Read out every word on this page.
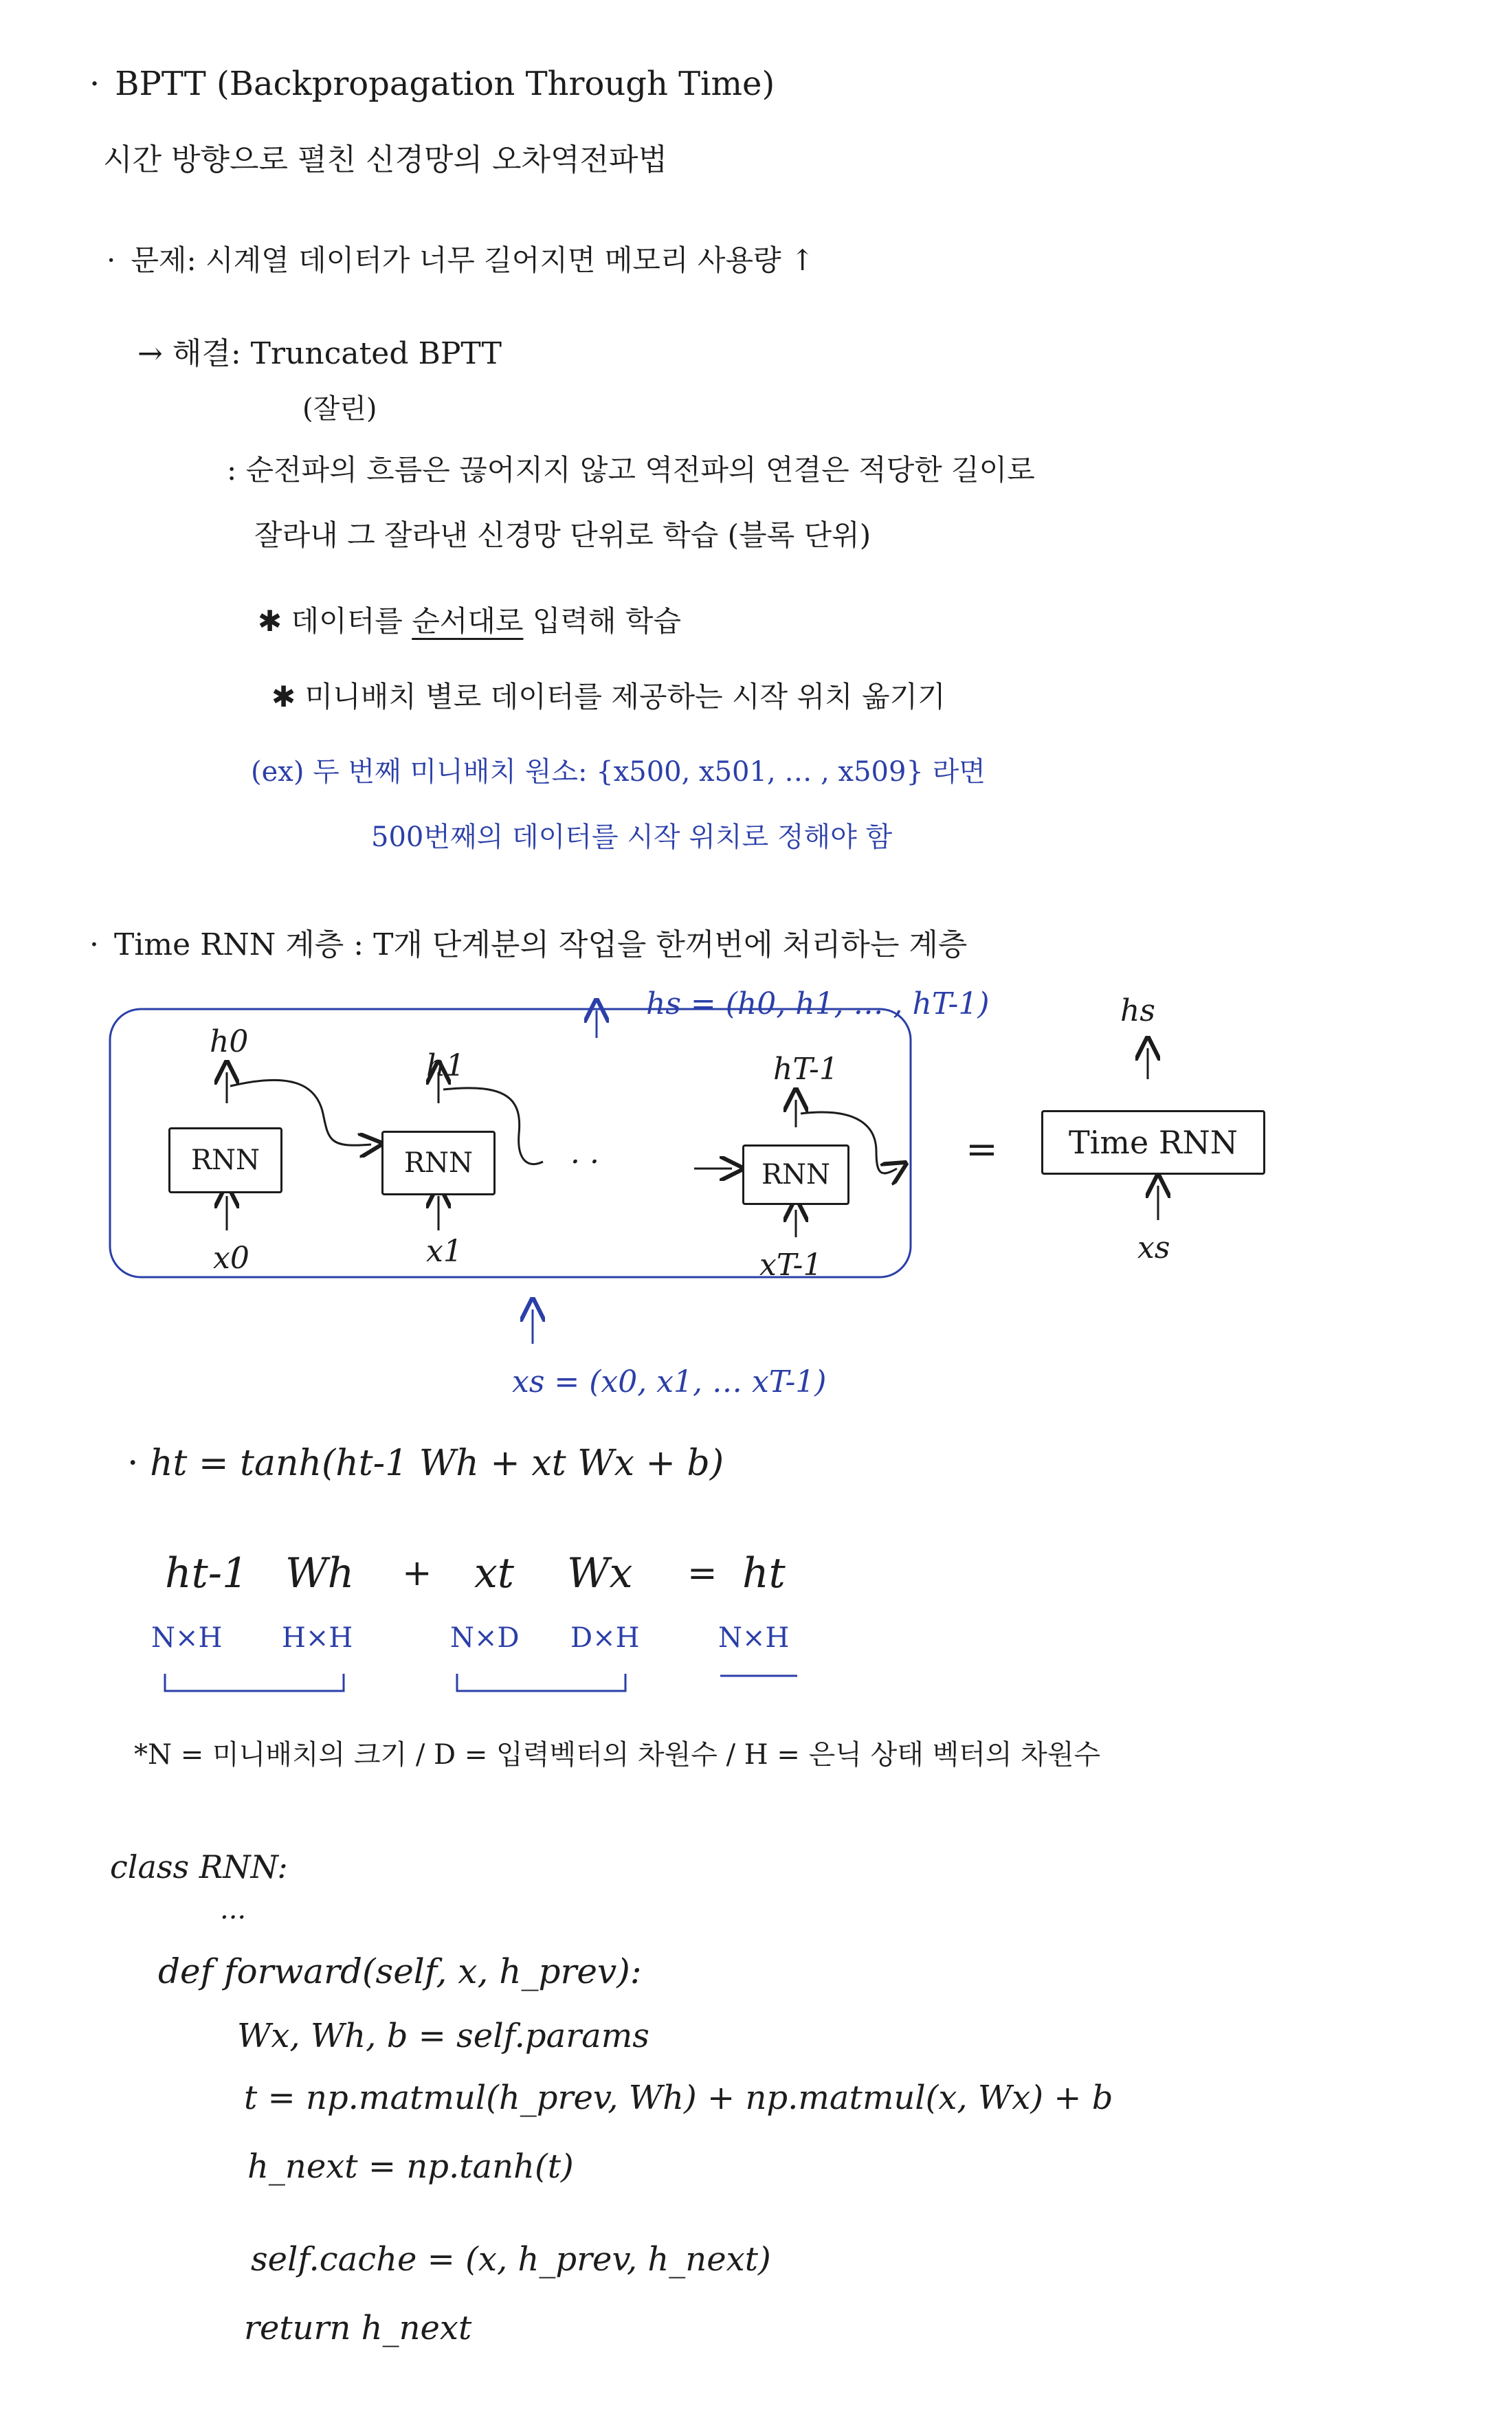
· BPTT (Backpropagation Through Time)
시간 방향으로 펼친 신경망의 오차역전파법
· 문제: 시계열 데이터가 너무 길어지면 메모리 사용량 ↑
→ 해결: Truncated BPTT
(잘린)
: 순전파의 흐름은 끊어지지 않고 역전파의 연결은 적당한 길이로
잘라내 그 잘라낸 신경망 단위로 학습 (블록 단위)
✱ 데이터를 순서대로 입력해 학습
✱ 미니배치 별로 데이터를 제공하는 시작 위치 옮기기
(ex) 두 번째 미니배치 원소: {x500, x501, … , x509} 라면
500번째의 데이터를 시작 위치로 정해야 함
· Time RNN 계층 : T개 단계분의 작업을 한꺼번에 처리하는 계층
hs = (h0, h1, … , hT-1)
h0
RNN
x0
h1
RNN
x1
· ·
hT-1
RNN
xT-1
=
hs
Time RNN
xs
xs = (x0, x1, … xT-1)
· ht = tanh(ht-1 Wh + xt Wx + b)
ht-1 Wh + xt Wx = ht
N×H H×H	N×D D×H	N×H
*N = 미니배치의 크기 / D = 입력벡터의 차원수 / H = 은닉 상태 벡터의 차원수
class RNN:
...
def forward(self, x, h_prev):
Wx, Wh, b = self.params
t = np.matmul(h_prev, Wh) + np.matmul(x, Wx) + b
h_next = np.tanh(t)
self.cache = (x, h_prev, h_next)
return h_next
